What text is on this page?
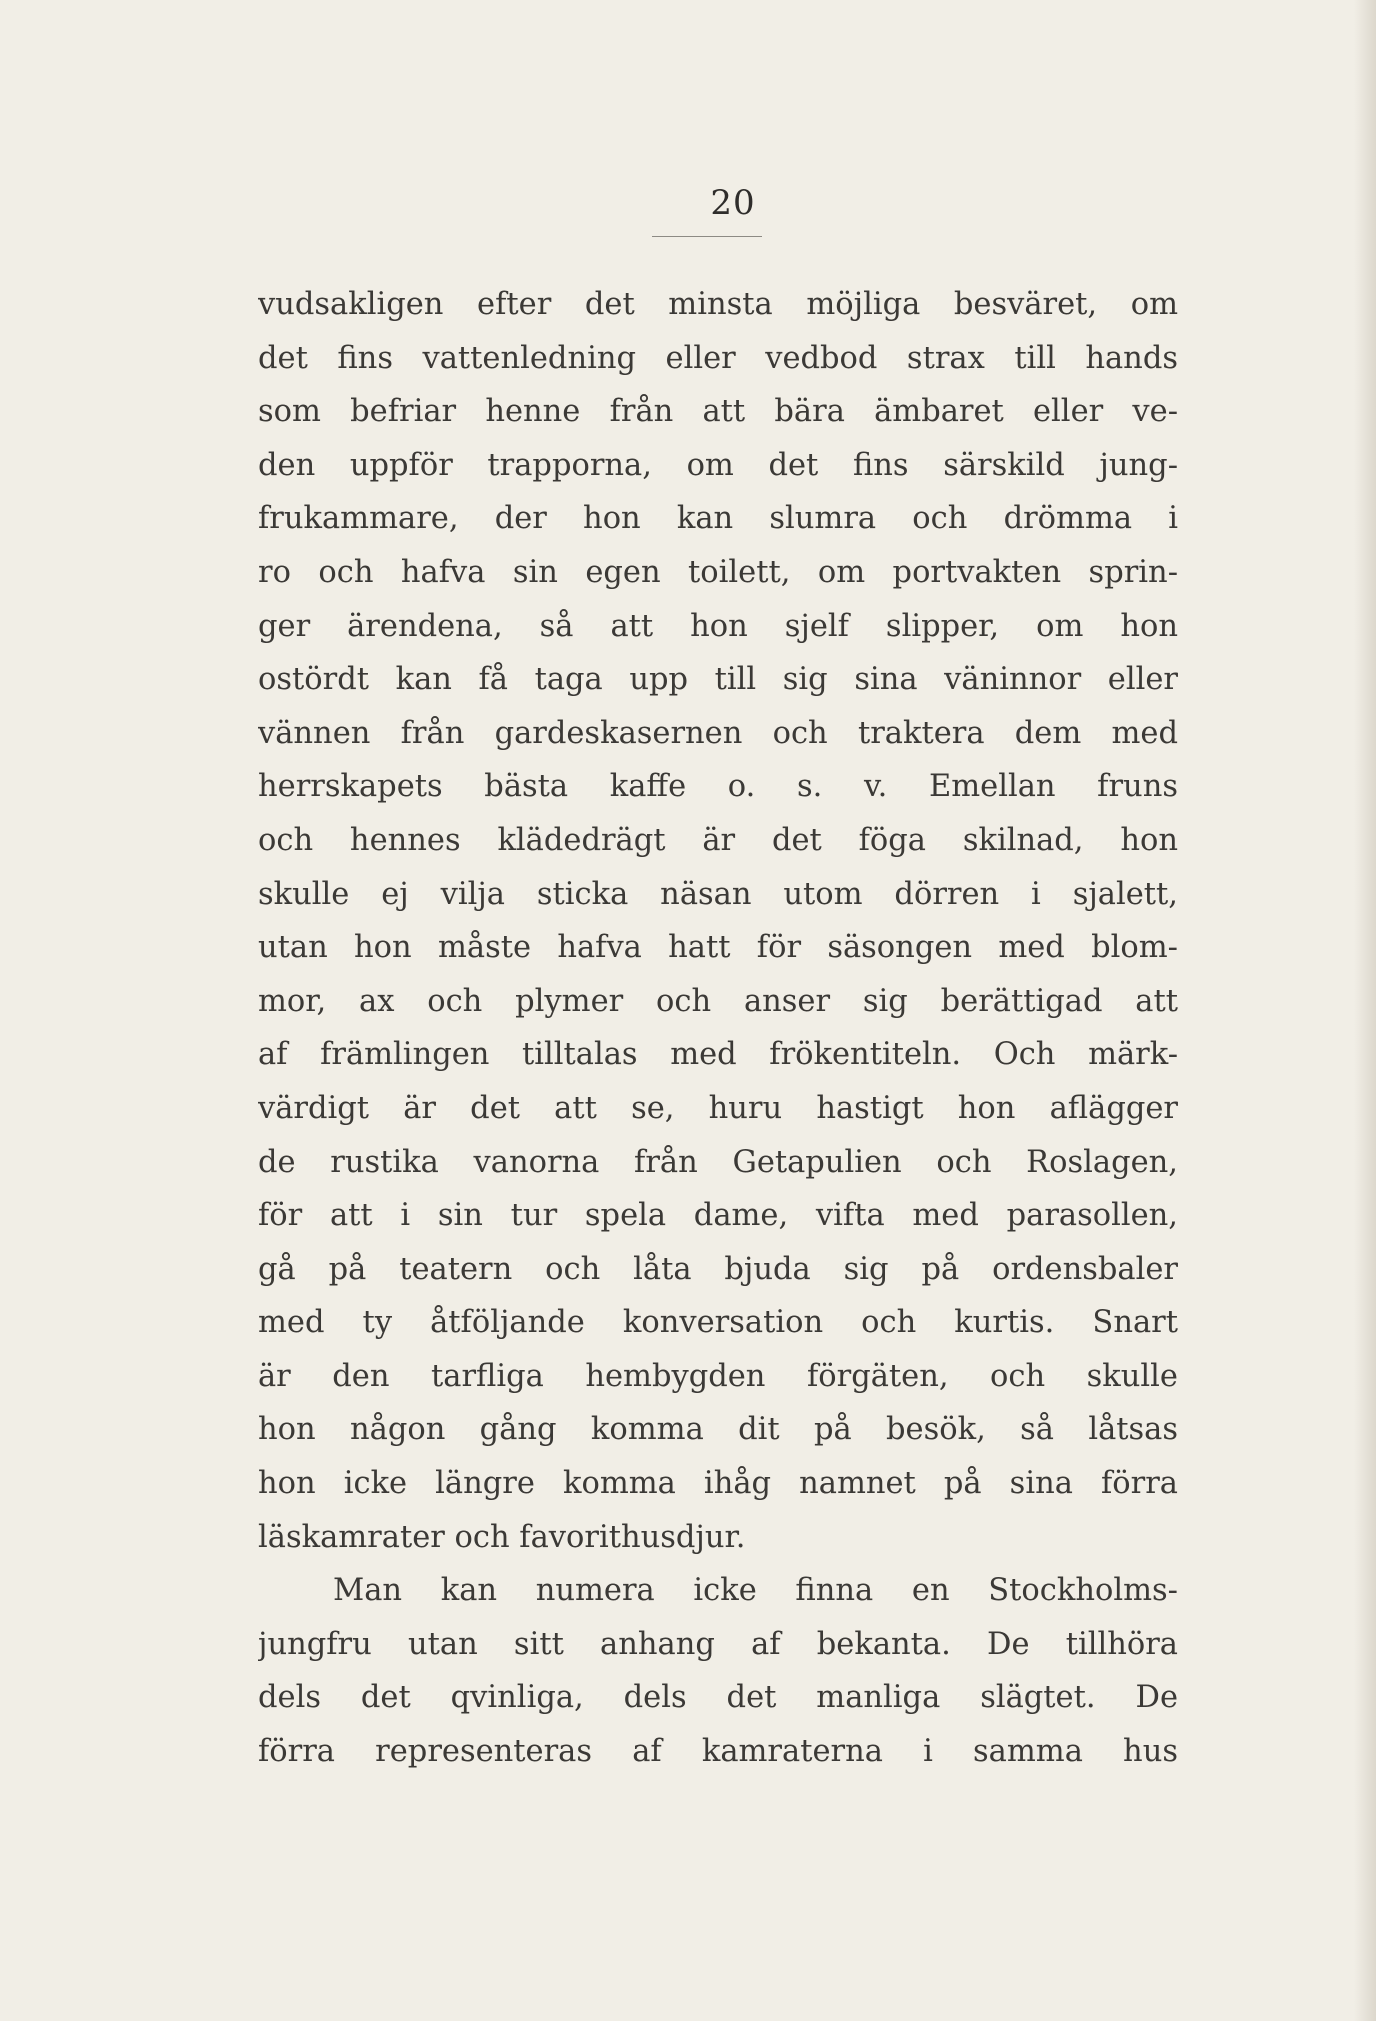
20
vudsakligen efter det minsta möjliga besväret, om
det fins vattenledning eller vedbod strax till hands
som befriar henne från att bära ämbaret eller ve-
den uppför trapporna, om det fins särskild jung-
frukammare, der hon kan slumra och drömma i
ro och hafva sin egen toilett, om portvakten sprin-
ger ärendena, så att hon sjelf slipper, om hon
ostördt kan få taga upp till sig sina väninnor eller
vännen från gardeskasernen och traktera dem med
herrskapets bästa kaffe o. s. v. Emellan fruns
och hennes klädedrägt är det föga skilnad, hon
skulle ej vilja sticka näsan utom dörren i sjalett,
utan hon måste hafva hatt för säsongen med blom-
mor, ax och plymer och anser sig berättigad att
af främlingen tilltalas med frökentiteln. Och märk-
värdigt är det att se, huru hastigt hon aflägger
de rustika vanorna från Getapulien och Roslagen,
för att i sin tur spela dame, vifta med parasollen,
gå på teatern och låta bjuda sig på ordensbaler
med ty åtföljande konversation och kurtis. Snart
är den tarfliga hembygden förgäten, och skulle
hon någon gång komma dit på besök, så låtsas
hon icke längre komma ihåg namnet på sina förra
läskamrater och favorithusdjur.
Man kan numera icke finna en Stockholms-
jungfru utan sitt anhang af bekanta. De tillhöra
dels det qvinliga, dels det manliga slägtet. De
förra representeras af kamraterna i samma hus
